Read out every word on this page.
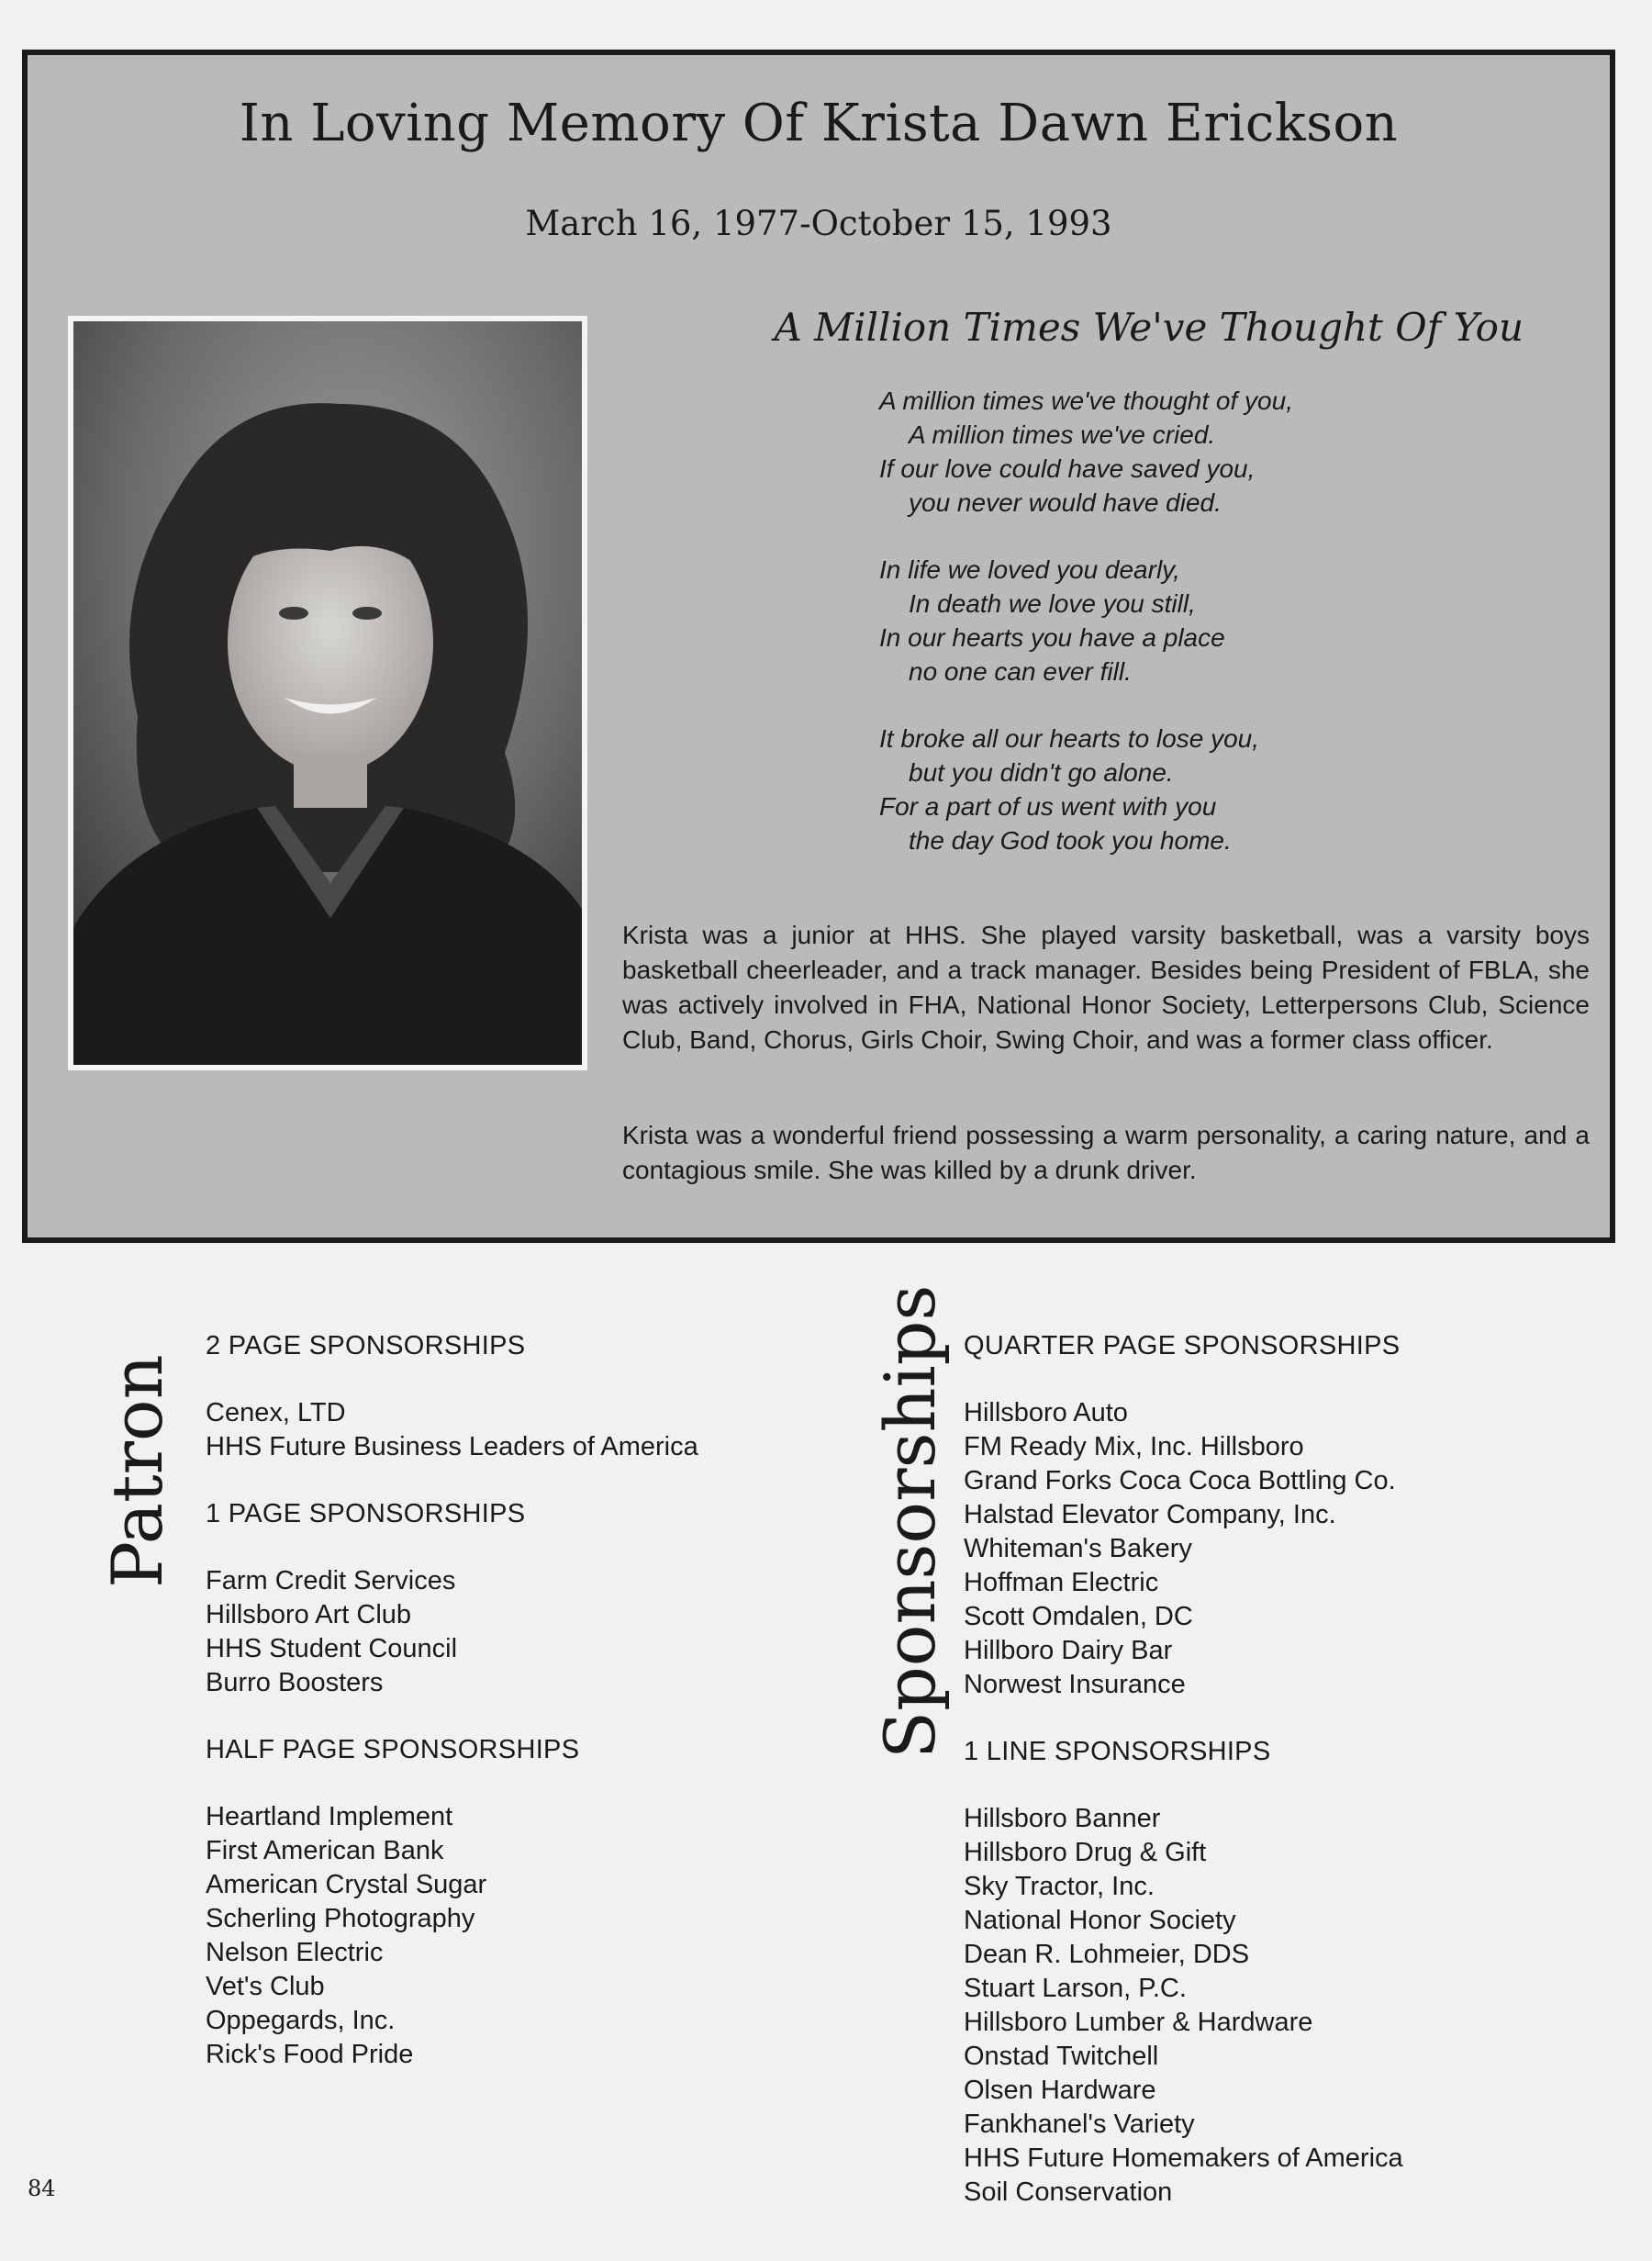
In Loving Memory Of Krista Dawn Erickson
March 16, 1977-October 15, 1993
A Million Times We've Thought Of You
A million times we've thought of you,
A million times we've cried.
If our love could have saved you,
you never would have died.
In life we loved you dearly,
In death we love you still,
In our hearts you have a place
no one can ever fill.
It broke all our hearts to lose you,
but you didn't go alone.
For a part of us went with you
the day God took you home.

Krista was a junior at HHS. She played varsity basketball, was a varsity boys basketball cheerleader, and a track manager. Besides being President of FBLA, she was actively involved in FHA, National Honor Society, Letterpersons Club, Science Club, Band, Chorus, Girls Choir, Swing Choir, and was a former class officer.

Krista was a wonderful friend possessing a warm personality, a caring nature, and a contagious smile. She was killed by a drunk driver.

Patron	Sponsorships
2 PAGE SPONSORSHIPS
Cenex, LTD
HHS Future Business Leaders of America
1 PAGE SPONSORSHIPS
Farm Credit Services
Hillsboro Art Club
HHS Student Council
Burro Boosters
HALF PAGE SPONSORSHIPS
Heartland Implement
First American Bank
American Crystal Sugar
Scherling Photography
Nelson Electric
Vet's Club
Oppegards, Inc.
Rick's Food Pride
QUARTER PAGE SPONSORSHIPS
Hillsboro Auto
FM Ready Mix, Inc. Hillsboro
Grand Forks Coca Coca Bottling Co.
Halstad Elevator Company, Inc.
Whiteman's Bakery
Hoffman Electric
Scott Omdalen, DC
Hillboro Dairy Bar
Norwest Insurance
1 LINE SPONSORSHIPS
Hillsboro Banner
Hillsboro Drug & Gift
Sky Tractor, Inc.
National Honor Society
Dean R. Lohmeier, DDS
Stuart Larson, P.C.
Hillsboro Lumber & Hardware
Onstad Twitchell
Olsen Hardware
Fankhanel's Variety
HHS Future Homemakers of America
Soil Conservation
84
